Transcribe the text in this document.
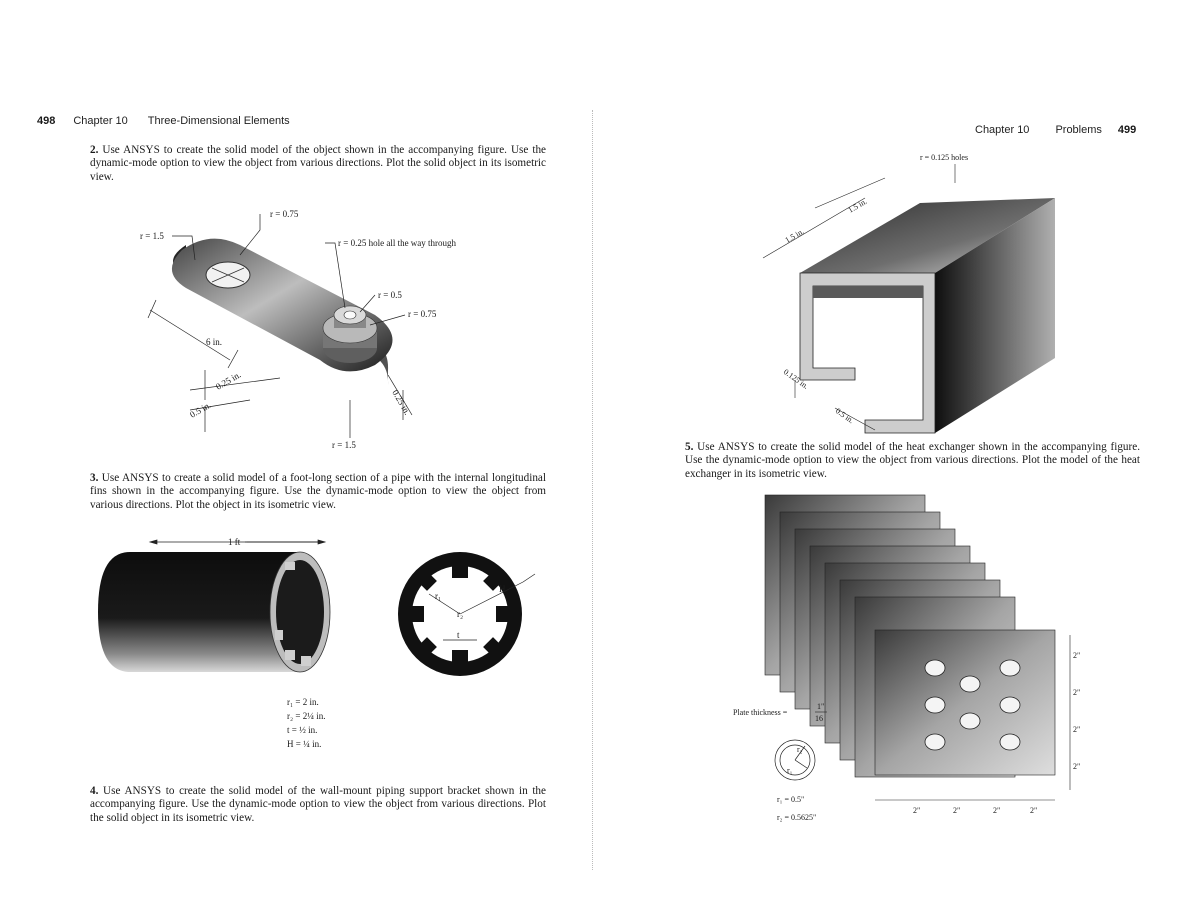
498 Chapter 10 Three-Dimensional Elements
Chapter 10 Problems 499
2. Use ANSYS to create the solid model of the object shown in the accompanying figure. Use the dynamic-mode option to view the object from various directions. Plot the solid object in its isometric view.
r = 0.75
r = 1.5
r = 0.25 hole all the way through
r = 0.5
r = 0.75
6 in.
0.25 in.
0.5 in.	0.25 in.
r = 1.5
3. Use ANSYS to create a solid model of a foot-long section of a pipe with the internal longitudinal fins shown in the accompanying figure. Use the dynamic-mode option to view the object from various directions. Plot the object in its isometric view.
1 ft
r₁
r₂
H
t
r₁ = 2 in.
r₂ = 2¼ in.
t = ½ in.
H = ¼ in.
4. Use ANSYS to create the solid model of the wall-mount piping support bracket shown in the accompanying figure. Use the dynamic-mode option to view the object from various directions. Plot the solid object in its isometric view.
r = 0.125 holes
1.5 in.
1.5 in.
0.125 in.
0.5 in.
5. Use ANSYS to create the solid model of the heat exchanger shown in the accompanying figure. Use the dynamic-mode option to view the object from various directions. Plot the model of the heat exchanger in its isometric view.
2"
2"
2"
2"
2"	2"	2"	2"
Plate thickness =
1"
16
r₂
r₁
r₁ = 0.5"
r₂ = 0.5625"
